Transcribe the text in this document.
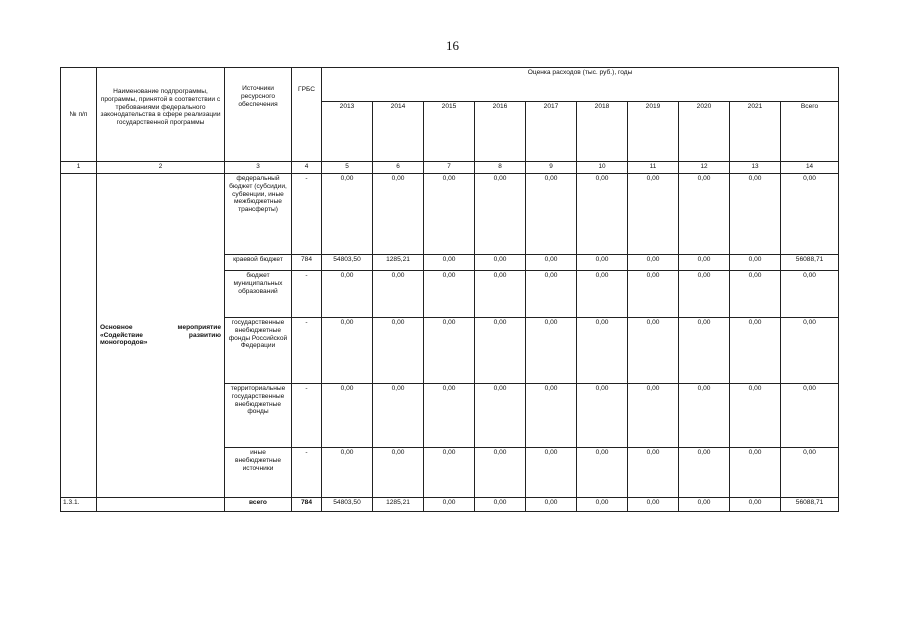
16
№ п/п	Наименование подпрограммы, программы, принятой в соответствии с требованиями федерального законодательства в сфере реализации государственной программы	Источники ресурсного обеспечения	ГРБС	Оценка расходов (тыс. руб.), годы									
				2013	2014	2015	2016	2017	2018	2019	2020	2021	Всего
1	2	3	4	5	6	7	8	9	10	11	12	13	14

	Основное мероприятие
«Содействие развитию
моногородов»	федеральный бюджет (субсидии, субвенции, иные межбюджетные трансферты)	-	0,00	0,00	0,00	0,00	0,00	0,00	0,00	0,00	0,00	0,00
		краевой бюджет	784	54803,50	1285,21	0,00	0,00	0,00	0,00	0,00	0,00	0,00	56088,71
		бюджет муниципальных образований	-	0,00	0,00	0,00	0,00	0,00	0,00	0,00	0,00	0,00	0,00
		государственные внебюджетные фонды Российской Федерации	-	0,00	0,00	0,00	0,00	0,00	0,00	0,00	0,00	0,00	0,00
		территориальные государственные внебюджетные фонды	-	0,00	0,00	0,00	0,00	0,00	0,00	0,00	0,00	0,00	0,00
		иные внебюджетные источники	-	0,00	0,00	0,00	0,00	0,00	0,00	0,00	0,00	0,00	0,00
1.3.1.		всего	784	54803,50	1285,21	0,00	0,00	0,00	0,00	0,00	0,00	0,00	56088,71
